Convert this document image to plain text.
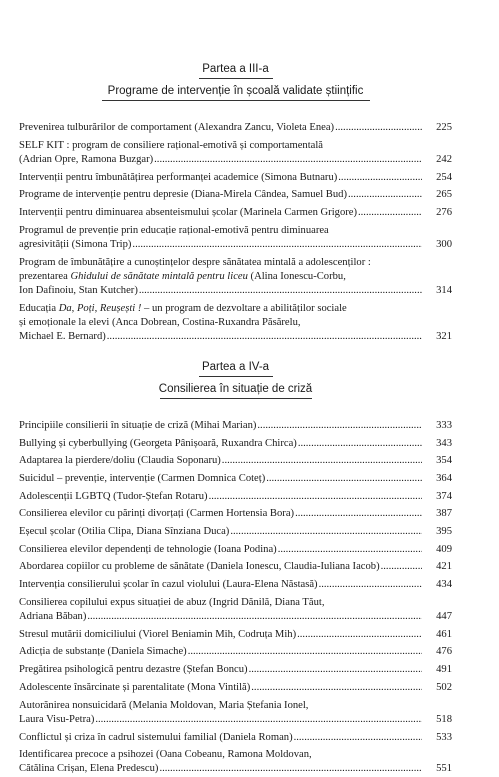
Partea a III-a
Programe de intervenție în școală validate științific
Prevenirea tulburărilor de comportament (Alexandra Zancu, Violeta Enea) .....	225
SELF KIT : program de consiliere rațional-emotivă și comportamentală
(Adrian Opre, Ramona Buzgar) .....	242
Intervenții pentru îmbunătățirea performanței academice (Simona Butnaru) .....	254
Programe de intervenție pentru depresie (Diana-Mirela Cândea, Samuel Bud) .....	265
Intervenții pentru diminuarea absenteismului școlar (Marinela Carmen Grigore) .....	276
Programul de prevenție prin educație rațional-emotivă pentru diminuarea
agresivității (Simona Trip) .....	300
Program de îmbunătățire a cunoștințelor despre sănătatea mintală a adolescenților :
prezentarea Ghidului de sănătate mintală pentru liceu (Alina Ionescu-Corbu,
Ion Dafinoiu, Stan Kutcher) .....	314
Educația Da, Poți, Reușești ! – un program de dezvoltare a abilităților sociale
și emoționale la elevi (Anca Dobrean, Costina-Ruxandra Păsărelu,
Michael E. Bernard) .....	321
Partea a IV-a
Consilierea în situație de criză
Principiile consilierii în situație de criză (Mihai Marian) .....	333
Bullying și cyberbullying (Georgeta Pânișoară, Ruxandra Chirca) .....	343
Adaptarea la pierdere/doliu (Claudia Soponaru) .....	354
Suicidul – prevenție, intervenție (Carmen Domnica Coteț) .....	364
Adolescenții LGBTQ (Tudor-Ștefan Rotaru) .....	374
Consilierea elevilor cu părinți divorțați (Carmen Hortensia Bora) .....	387
Eșecul școlar (Otilia Clipa, Diana Sînziana Duca) .....	395
Consilierea elevilor dependenți de tehnologie (Ioana Podina) .....	409
Abordarea copiilor cu probleme de sănătate (Daniela Ionescu, Claudia-Iuliana Iacob) .....	421
Intervenția consilierului școlar în cazul violului (Laura-Elena Năstasă) .....	434
Consilierea copilului expus situației de abuz (Ingrid Dănilă, Diana Tăut,
Adriana Băban) .....	447
Stresul mutării domiciliului (Viorel Beniamin Mih, Codruța Mih) .....	461
Adicția de substanțe (Daniela Simache) .....	476
Pregătirea psihologică pentru dezastre (Ștefan Boncu) .....	491
Adolescente însărcinate și parentalitate (Mona Vintilă) .....	502
Autorănirea nonsuicidară (Melania Moldovan, Maria Ștefania Ionel,
Laura Visu-Petra) .....	518
Conflictul și criza în cadrul sistemului familial (Daniela Roman) .....	533
Identificarea precoce a psihozei (Oana Cobeanu, Ramona Moldovan,
Cătălina Crișan, Elena Predescu) .....	551
